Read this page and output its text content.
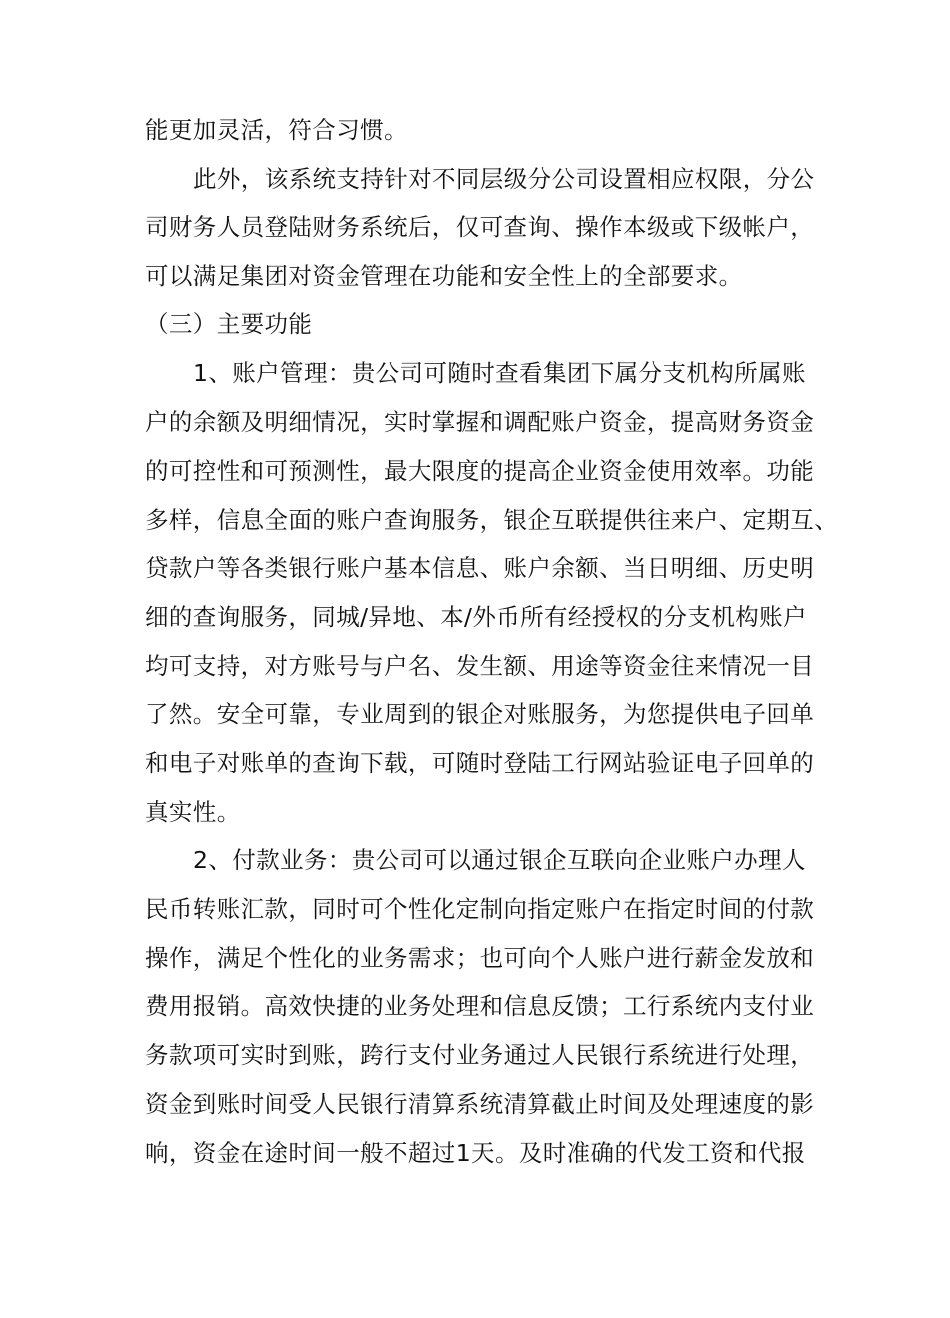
能更加灵活，符合习惯。
此外，该系统支持针对不同层级分公司设置相应权限，分公
司财务人员登陆财务系统后，仅可查询、操作本级或下级帐户，
可以满足集团对资金管理在功能和安全性上的全部要求。
（三）主要功能
1、账户管理：贵公司可随时查看集团下属分支机构所属账
户的余额及明细情况，实时掌握和调配账户资金，提高财务资金
的可控性和可预测性，最大限度的提高企业资金使用效率。功能
多样，信息全面的账户查询服务，银企互联提供往来户、定期互、
贷款户等各类银行账户基本信息、账户余额、当日明细、历史明
细的查询服务，同城/异地、本/外币所有经授权的分支机构账户
均可支持，对方账号与户名、发生额、用途等资金往来情况一目
了然。安全可靠，专业周到的银企对账服务，为您提供电子回单
和电子对账单的查询下载，可随时登陆工行网站验证电子回单的
真实性。
2、付款业务：贵公司可以通过银企互联向企业账户办理人
民币转账汇款，同时可个性化定制向指定账户在指定时间的付款
操作，满足个性化的业务需求；也可向个人账户进行薪金发放和
费用报销。高效快捷的业务处理和信息反馈；工行系统内支付业
务款项可实时到账，跨行支付业务通过人民银行系统进行处理，
资金到账时间受人民银行清算系统清算截止时间及处理速度的影
响，资金在途时间一般不超过1天。及时准确的代发工资和代报
